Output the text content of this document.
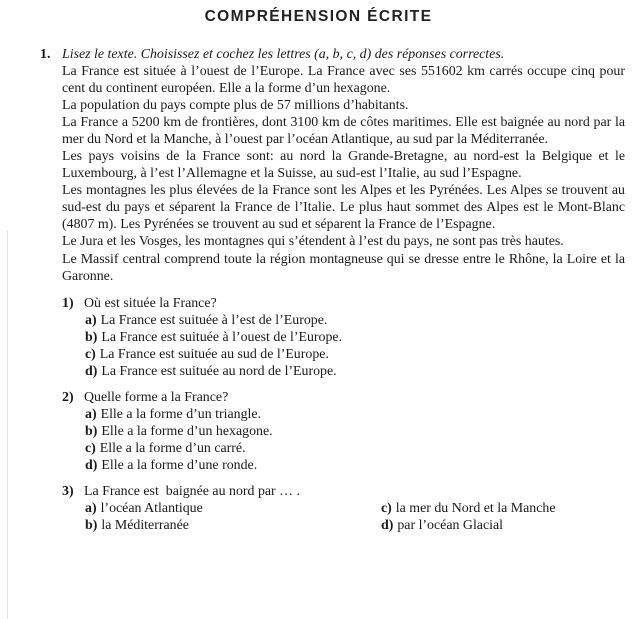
COMPRÉHENSION ÉCRITE
1. Lisez le texte. Choisissez et cochez les lettres (a, b, c, d) des réponses correctes.

La France est située à l’ouest de l’Europe. La France avec ses 551602 km carrés occupe cinq pour cent du continent européen. Elle a la forme d’un hexagone.

La population du pays compte plus de 57 millions d’habitants.

La France a 5200 km de frontières, dont 3100 km de côtes maritimes. Elle est baignée au nord par la mer du Nord et la Manche, à l’ouest par l’océan Atlantique, au sud par la Méditerranée.

Les pays voisins de la France sont: au nord la Grande-Bretagne, au nord-est la Belgique et le Luxembourg, à l’est l’Allemagne et la Suisse, au sud-est l’Italie, au sud l’Espagne.

Les montagnes les plus élevées de la France sont les Alpes et les Pyrénées. Les Alpes se trouvent au sud-est du pays et séparent la France de l’Italie. Le plus haut sommet des Alpes est le Mont-Blanc (4807 m). Les Pyrénées se trouvent au sud et séparent la France de l’Espagne.

Le Jura et les Vosges, les montagnes qui s’étendent à l’est du pays, ne sont pas très hautes.

Le Massif central comprend toute la région montagneuse qui se dresse entre le Rhône, la Loire et la Garonne.

1) Où est située la France?
a) La France est suituée à l’est de l’Europe.
b) La France est suituée à l’ouest de l’Europe.
c) La France est suituée au sud de l’Europe.
d) La France est suituée au nord de l’Europe.
2) Quelle forme a la France?
a) Elle a la forme d’un triangle.
b) Elle a la forme d’un hexagone.
c) Elle a la forme d’un carré.
d) Elle a la forme d’une ronde.
3) La France est  baignée au nord par … .
a) l’océan Atlantique	c) la mer du Nord et la Manche
b) la Méditerranée	d) par l’océan Glacial
